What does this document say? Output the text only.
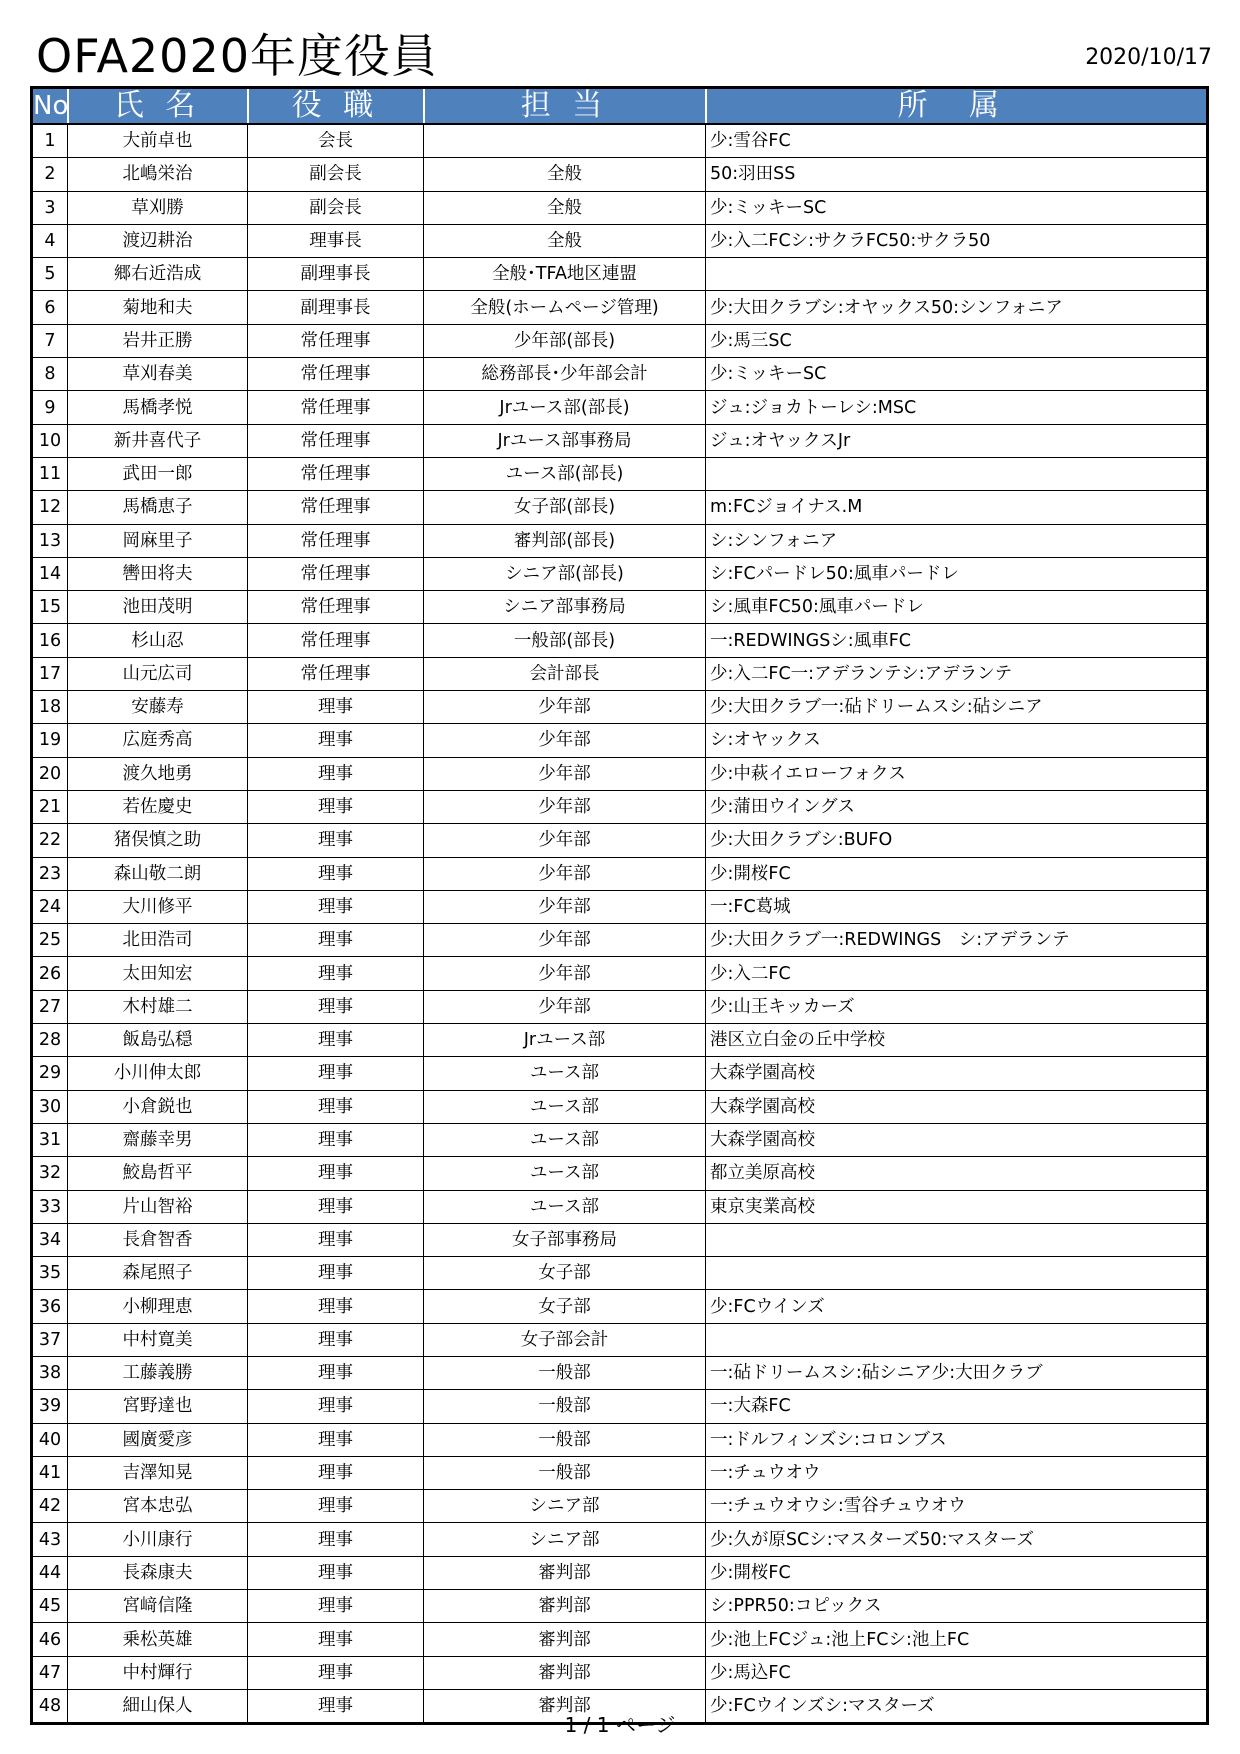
OFA2020年度役員	2020/10/17
No	氏 名	役 職	担 当	所 属
1	大前卓也	会長		少:雪谷FC
2	北嶋栄治	副会長	全般	50:羽田SS
3	草刈勝	副会長	全般	少:ミッキーSC
4	渡辺耕治	理事長	全般	少:入二FCシ:サクラFC50:サクラ50
5	郷右近浩成	副理事長	全般･TFA地区連盟	
6	菊地和夫	副理事長	全般(ホームページ管理)	少:大田クラブシ:オヤックス50:シンフォニア
7	岩井正勝	常任理事	少年部(部長)	少:馬三SC
8	草刈春美	常任理事	総務部長･少年部会計	少:ミッキーSC
9	馬橋孝悦	常任理事	Jrユース部(部長)	ジュ:ジョカトーレシ:MSC
10	新井喜代子	常任理事	Jrユース部事務局	ジュ:オヤックスJr
11	武田一郎	常任理事	ユース部(部長)	
12	馬橋恵子	常任理事	女子部(部長)	m:FCジョイナス.M
13	岡麻里子	常任理事	審判部(部長)	シ:シンフォニア
14	轡田将夫	常任理事	シニア部(部長)	シ:FCパードレ50:風車パードレ
15	池田茂明	常任理事	シニア部事務局	シ:風車FC50:風車パードレ
16	杉山忍	常任理事	一般部(部長)	一:REDWINGSシ:風車FC
17	山元広司	常任理事	会計部長	少:入二FC一:アデランテシ:アデランテ
18	安藤寿	理事	少年部	少:大田クラブ一:砧ドリームスシ:砧シニア
19	広庭秀高	理事	少年部	シ:オヤックス
20	渡久地勇	理事	少年部	少:中萩イエローフォクス
21	若佐慶史	理事	少年部	少:蒲田ウイングス
22	猪俣慎之助	理事	少年部	少:大田クラブシ:BUFO
23	森山敬二朗	理事	少年部	少:開桜FC
24	大川修平	理事	少年部	一:FC葛城
25	北田浩司	理事	少年部	少:大田クラブ一:REDWINGS　シ:アデランテ
26	太田知宏	理事	少年部	少:入二FC
27	木村雄二	理事	少年部	少:山王キッカーズ
28	飯島弘穏	理事	Jrユース部	港区立白金の丘中学校
29	小川伸太郎	理事	ユース部	大森学園高校
30	小倉鋭也	理事	ユース部	大森学園高校
31	齋藤幸男	理事	ユース部	大森学園高校
32	鮫島哲平	理事	ユース部	都立美原高校
33	片山智裕	理事	ユース部	東京実業高校
34	長倉智香	理事	女子部事務局	
35	森尾照子	理事	女子部	
36	小柳理恵	理事	女子部	少:FCウインズ
37	中村寛美	理事	女子部会計	
38	工藤義勝	理事	一般部	一:砧ドリームスシ:砧シニア少:大田クラブ
39	宮野達也	理事	一般部	一:大森FC
40	國廣愛彦	理事	一般部	一:ドルフィンズシ:コロンブス
41	吉澤知晃	理事	一般部	一:チュウオウ
42	宮本忠弘	理事	シニア部	一:チュウオウシ:雪谷チュウオウ
43	小川康行	理事	シニア部	少:久が原SCシ:マスターズ50:マスターズ
44	長森康夫	理事	審判部	少:開桜FC
45	宮﨑信隆	理事	審判部	シ:PPR50:コピックス
46	乗松英雄	理事	審判部	少:池上FCジュ:池上FCシ:池上FC
47	中村輝行	理事	審判部	少:馬込FC
48	細山保人	理事	審判部	少:FCウインズシ:マスターズ
1 / 1 ページ
